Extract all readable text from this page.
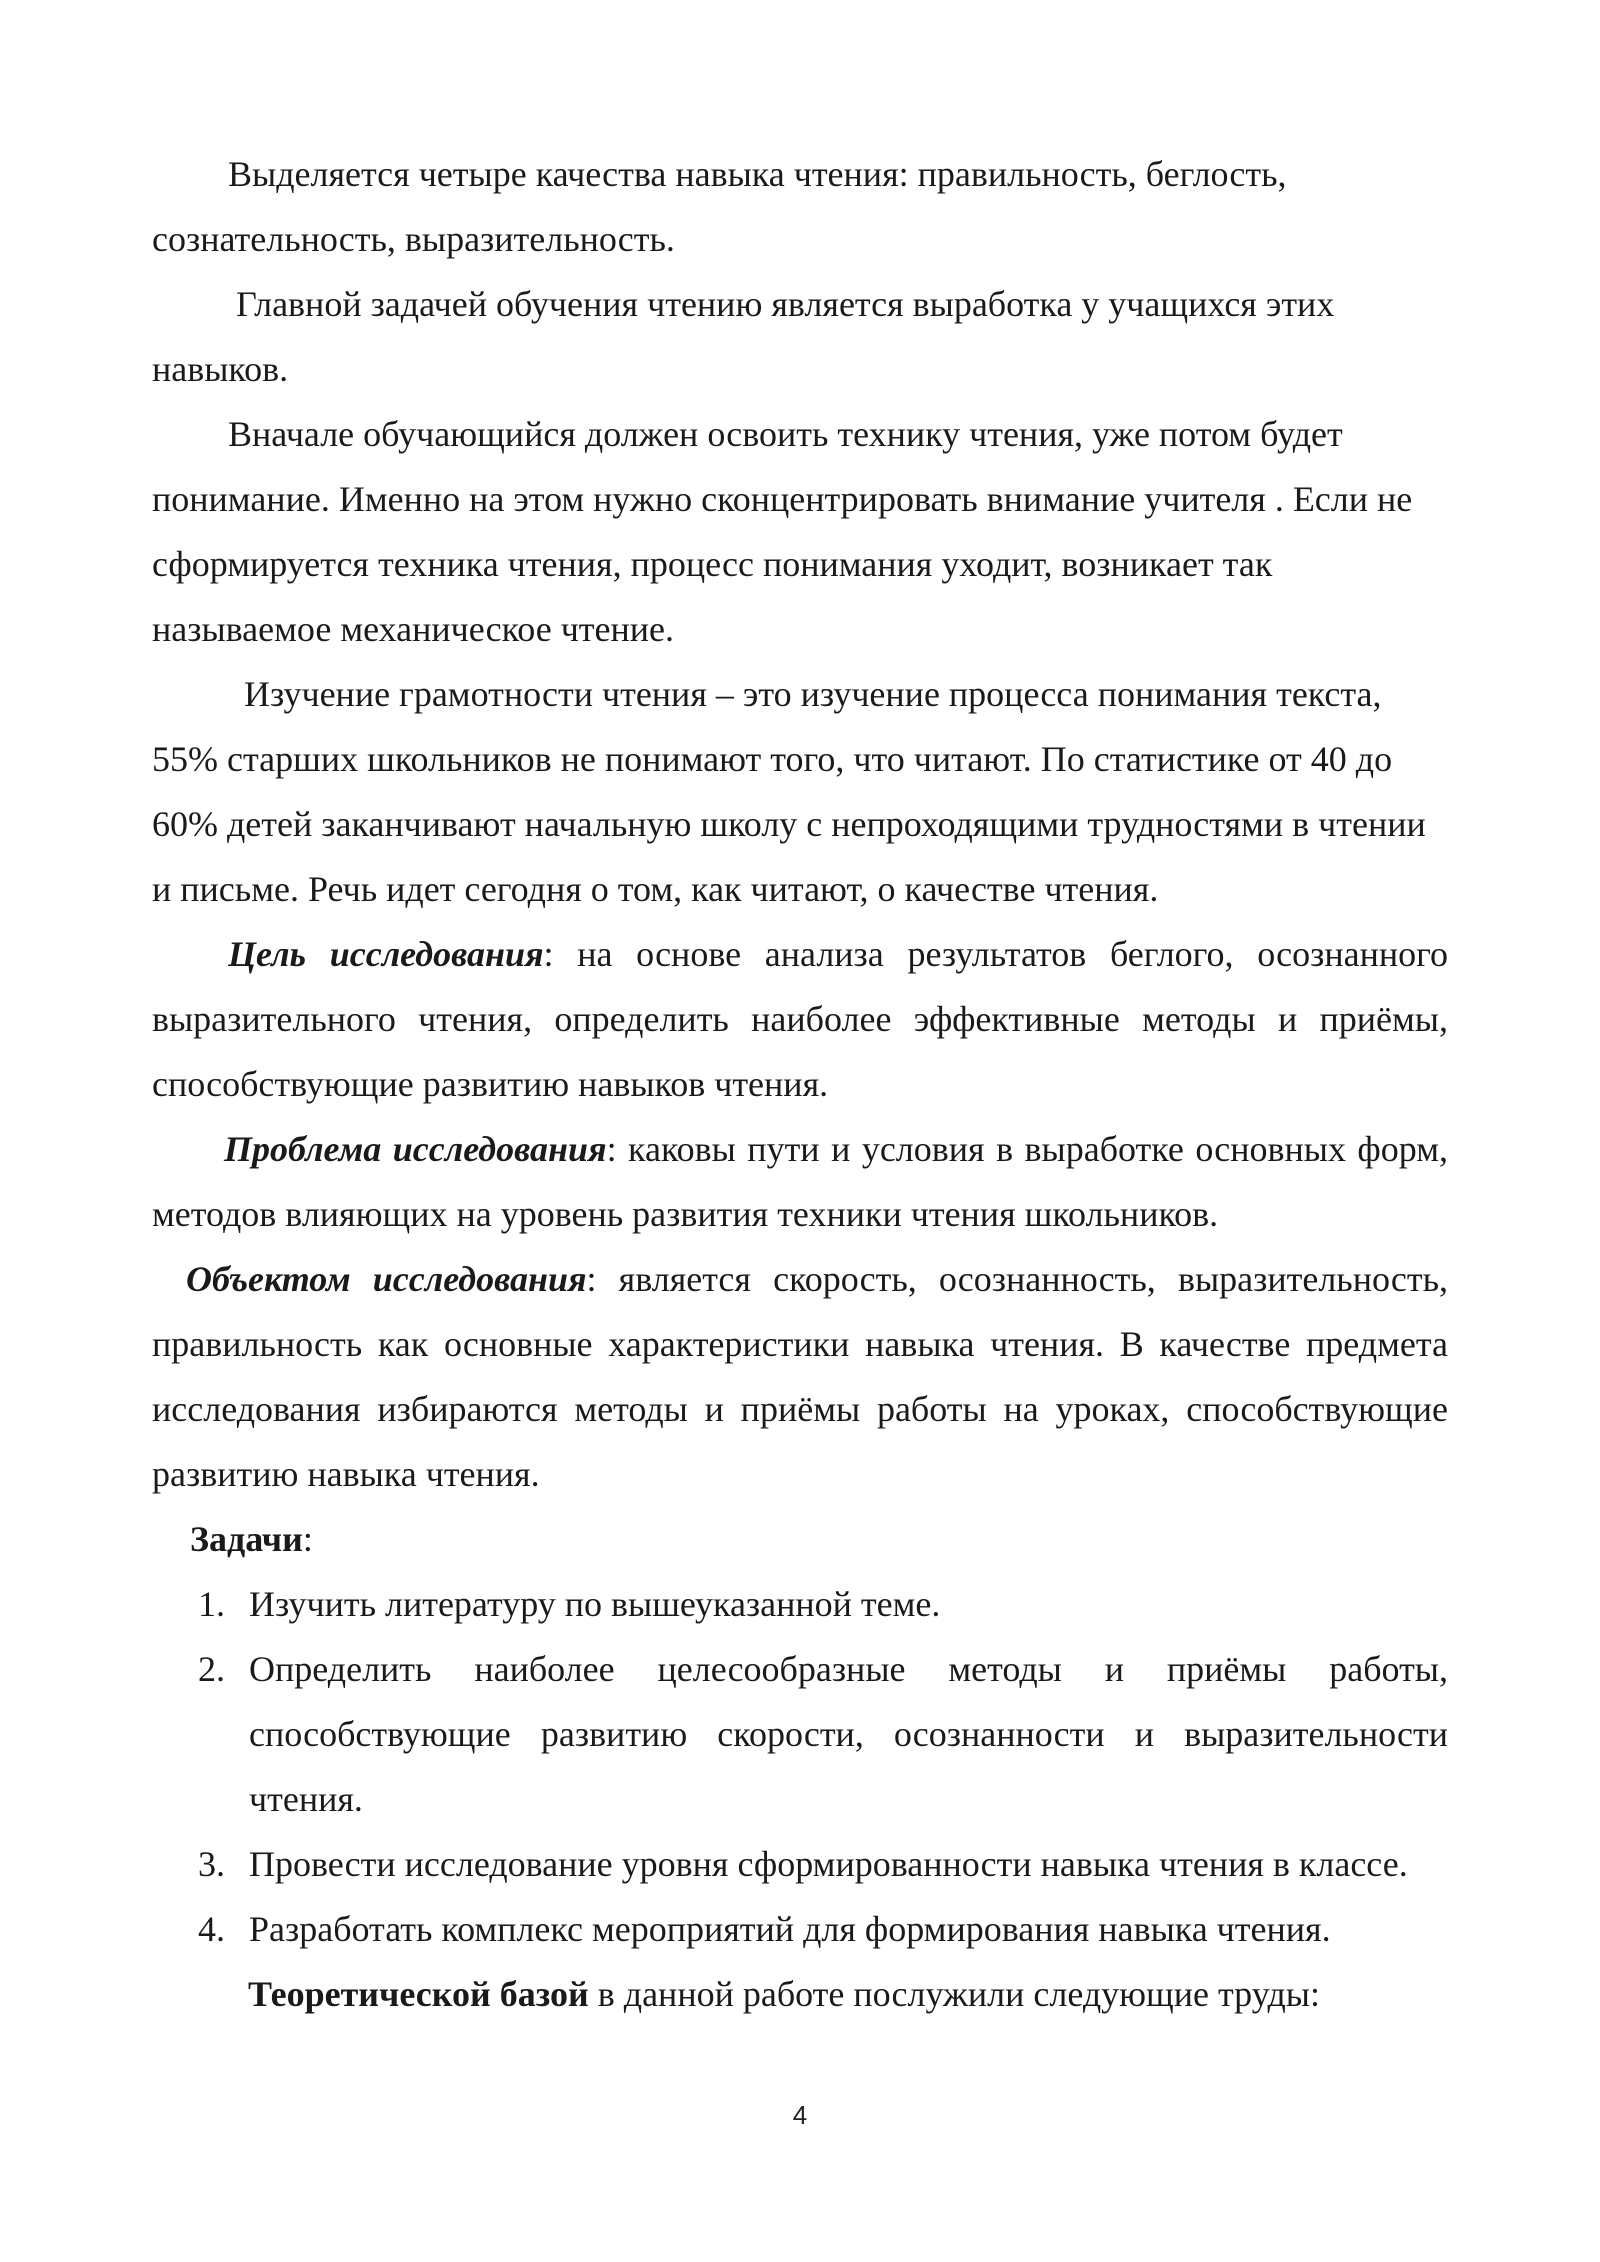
Выделяется четыре качества навыка чтения: правильность, беглость, сознательность, выразительность.

Главной задачей обучения чтению является выработка у учащихся этих навыков.

Вначале обучающийся должен освоить технику чтения, уже потом будет понимание. Именно на этом нужно сконцентрировать внимание учителя . Если не сформируется техника чтения, процесс понимания уходит, возникает так называемое механическое чтение.

Изучение грамотности чтения – это изучение процесса понимания текста, 55% старших школьников не понимают того, что читают. По статистике от 40 до 60% детей заканчивают начальную школу с непроходящими трудностями в чтении и письме. Речь идет сегодня о том, как читают, о качестве чтения.

Цель исследования: на основе анализа результатов беглого, осознанного выразительного чтения, определить наиболее эффективные методы и приёмы, способствующие развитию навыков чтения.

Проблема исследования: каковы пути и условия в выработке основных форм, методов влияющих на уровень развития техники чтения школьников.

Объектом исследования: является скорость, осознанность, выразительность, правильность как основные характеристики навыка чтения. В качестве предмета исследования избираются методы и приёмы работы на уроках, способствующие развитию навыка чтения.

Задачи:

1. Изучить литературу по вышеуказанной теме.
2. Определить наиболее целесообразные методы и приёмы работы, способствующие развитию скорости, осознанности и выразительности чтения.
3. Провести исследование уровня сформированности навыка чтения в классе.
4. Разработать комплекс мероприятий для формирования навыка чтения.

Теоретической базой в данной работе послужили следующие труды:

4
